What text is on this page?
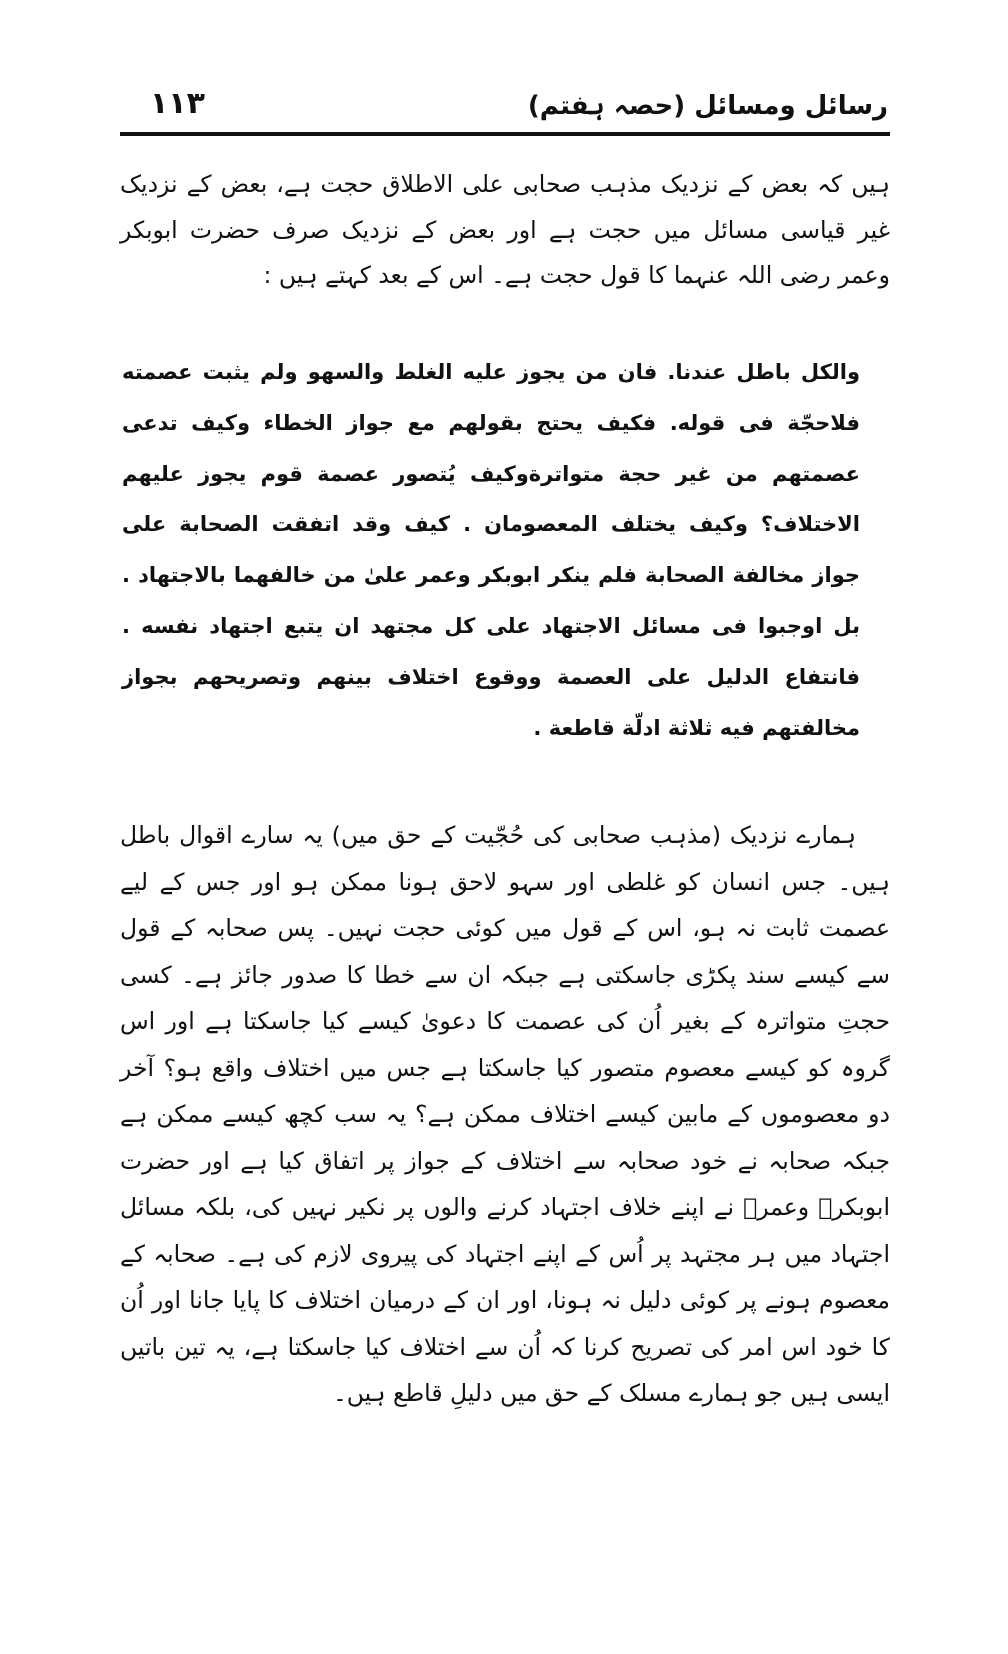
رسائل ومسائل (حصہ ہفتم)
۱۱۳
ہیں کہ بعض کے نزدیک مذہب صحابی علی الاطلاق حجت ہے، بعض کے نزدیک غیر قیاسی مسائل میں حجت ہے اور بعض کے نزدیک صرف حضرت ابوبکر وعمر رضی اللہ عنہما کا قول حجت ہے۔ اس کے بعد کہتے ہیں :
والکل باطل عندنا. فان من یجوز علیه الغلط والسهو ولم یثبت عصمته فلاحجّة فی قوله. فکیف یحتج بقولهم مع جواز الخطاء وکیف تدعی عصمتهم من غیر حجة متواترةوکیف یُتصور عصمة قوم یجوز علیهم الاختلاف؟ وکیف یختلف المعصومان . کیف وقد اتفقت الصحابة علی جواز مخالفة الصحابة فلم ینکر ابوبکر وعمر علیٰ من خالفهما بالاجتهاد . بل اوجبوا فی مسائل الاجتهاد علی کل مجتهد ان یتبع اجتهاد نفسه . فانتفاع الدلیل علی العصمة ووقوع اختلاف بینهم وتصریحهم بجواز مخالفتهم فیه ثلاثة ادلّة قاطعة .
ہمارے نزدیک (مذہب صحابی کی حُجّیت کے حق میں) یہ سارے اقوال باطل ہیں۔ جس انسان کو غلطی اور سہو لاحق ہونا ممکن ہو اور جس کے لیے عصمت ثابت نہ ہو، اس کے قول میں کوئی حجت نہیں۔ پس صحابہ کے قول سے کیسے سند پکڑی جاسکتی ہے جبکہ ان سے خطا کا صدور جائز ہے۔ کسی حجتِ متواترہ کے بغیر اُن کی عصمت کا دعویٰ کیسے کیا جاسکتا ہے اور اس گروہ کو کیسے معصوم متصور کیا جاسکتا ہے جس میں اختلاف واقع ہو؟ آخر دو معصوموں کے مابین کیسے اختلاف ممکن ہے؟ یہ سب کچھ کیسے ممکن ہے جبکہ صحابہ نے خود صحابہ سے اختلاف کے جواز پر اتفاق کیا ہے اور حضرت ابوبکرؓ وعمرؓ نے اپنے خلاف اجتہاد کرنے والوں پر نکیر نہیں کی، بلکہ مسائل اجتہاد میں ہر مجتہد پر اُس کے اپنے اجتہاد کی پیروی لازم کی ہے۔ صحابہ کے معصوم ہونے پر کوئی دلیل نہ ہونا، اور ان کے درمیان اختلاف کا پایا جانا اور اُن کا خود اس امر کی تصریح کرنا کہ اُن سے اختلاف کیا جاسکتا ہے، یہ تین باتیں ایسی ہیں جو ہمارے مسلک کے حق میں دلیلِ قاطع ہیں۔
